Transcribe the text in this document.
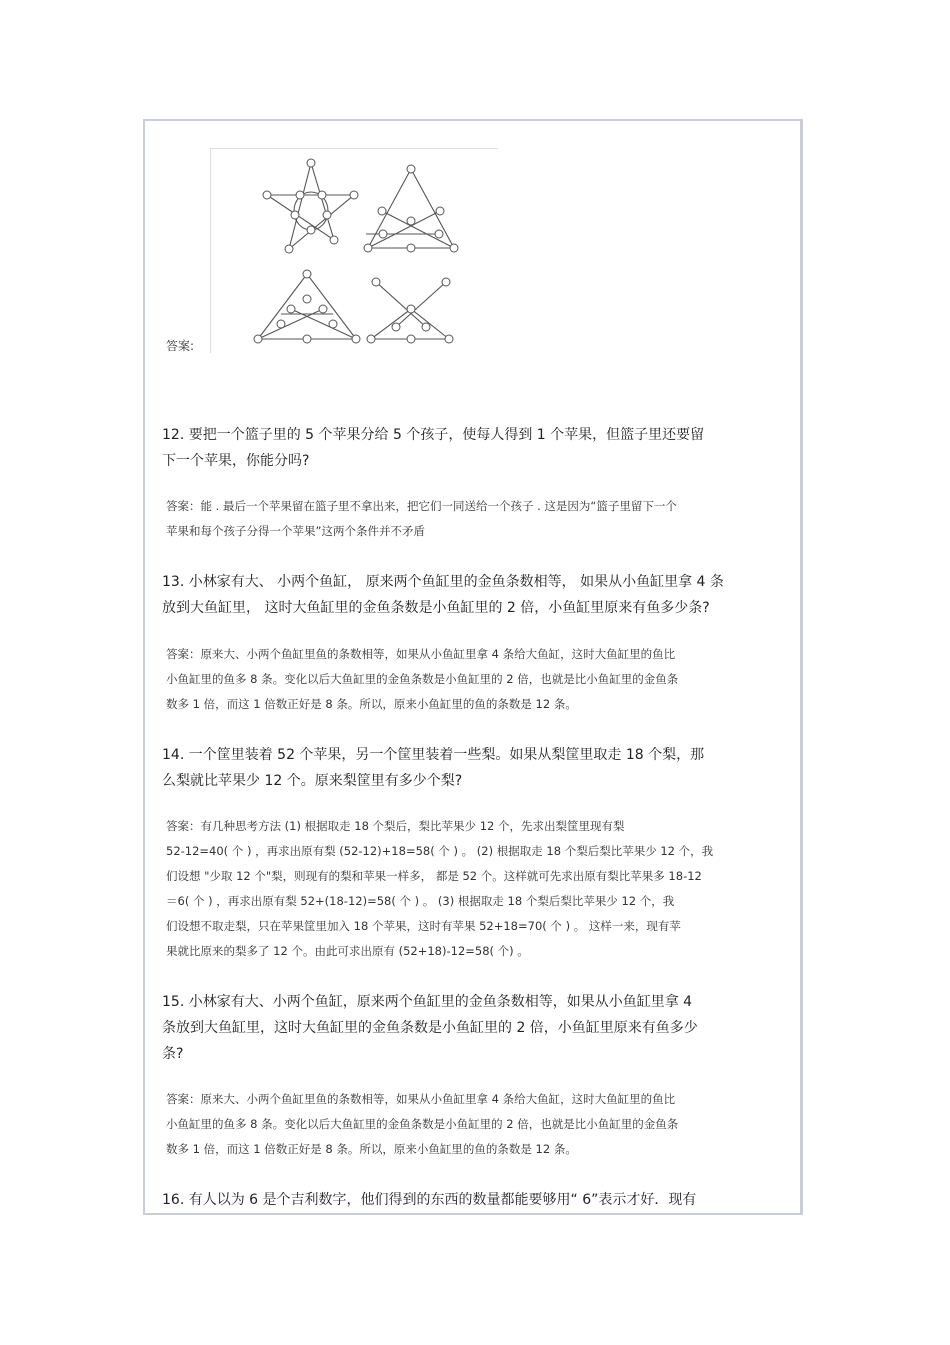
答案:
12. 要把一个篮子里的 5 个苹果分给 5 个孩子，使每人得到 1 个苹果，但篮子里还要留
下一个苹果，你能分吗?
答案：能 . 最后一个苹果留在篮子里不拿出来，把它们一同送给一个孩子 . 这是因为“篮子里留下一个
苹果和每个孩子分得一个苹果”这两个条件并不矛盾
13. 小林家有大、 小两个鱼缸， 原来两个鱼缸里的金鱼条数相等， 如果从小鱼缸里拿 4 条
放到大鱼缸里， 这时大鱼缸里的金鱼条数是小鱼缸里的 2 倍，小鱼缸里原来有鱼多少条?
答案：原来大、小两个鱼缸里鱼的条数相等，如果从小鱼缸里拿 4 条给大鱼缸，这时大鱼缸里的鱼比
小鱼缸里的鱼多 8 条。变化以后大鱼缸里的金鱼条数是小鱼缸里的 2 倍，也就是比小鱼缸里的金鱼条
数多 1 倍，而这 1 倍数正好是 8 条。所以，原来小鱼缸里的鱼的条数是 12 条。
14. 一个筐里装着 52 个苹果，另一个筐里装着一些梨。如果从梨筐里取走 18 个梨，那
么梨就比苹果少 12 个。原来梨筐里有多少个梨?
答案：有几种思考方法 (1) 根据取走 18 个梨后，梨比苹果少 12 个，先求出梨筐里现有梨
52-12=40( 个 ) ，再求出原有梨 (52-12)+18=58( 个 ) 。 (2) 根据取走 18 个梨后梨比苹果少 12 个，我
们设想 "少取 12 个"梨，则现有的梨和苹果一样多， 都是 52 个。这样就可先求出原有梨比苹果多 18-12
＝6( 个 ) ，再求出原有梨 52+(18-12)=58( 个 ) 。 (3) 根据取走 18 个梨后梨比苹果少 12 个，我
们设想不取走梨，只在苹果筐里加入 18 个苹果，这时有苹果 52+18=70( 个 ) 。 这样一来，现有苹
果就比原来的梨多了 12 个。由此可求出原有 (52+18)-12=58( 个) 。
15. 小林家有大、小两个鱼缸，原来两个鱼缸里的金鱼条数相等，如果从小鱼缸里拿 4
条放到大鱼缸里，这时大鱼缸里的金鱼条数是小鱼缸里的 2 倍，小鱼缸里原来有鱼多少
条?
答案：原来大、小两个鱼缸里鱼的条数相等，如果从小鱼缸里拿 4 条给大鱼缸，这时大鱼缸里的鱼比
小鱼缸里的鱼多 8 条。变化以后大鱼缸里的金鱼条数是小鱼缸里的 2 倍，也就是比小鱼缸里的金鱼条
数多 1 倍，而这 1 倍数正好是 8 条。所以，原来小鱼缸里的鱼的条数是 12 条。
16. 有人以为 6 是个吉利数字，他们得到的东西的数量都能要够用“ 6”表示才好．现有
